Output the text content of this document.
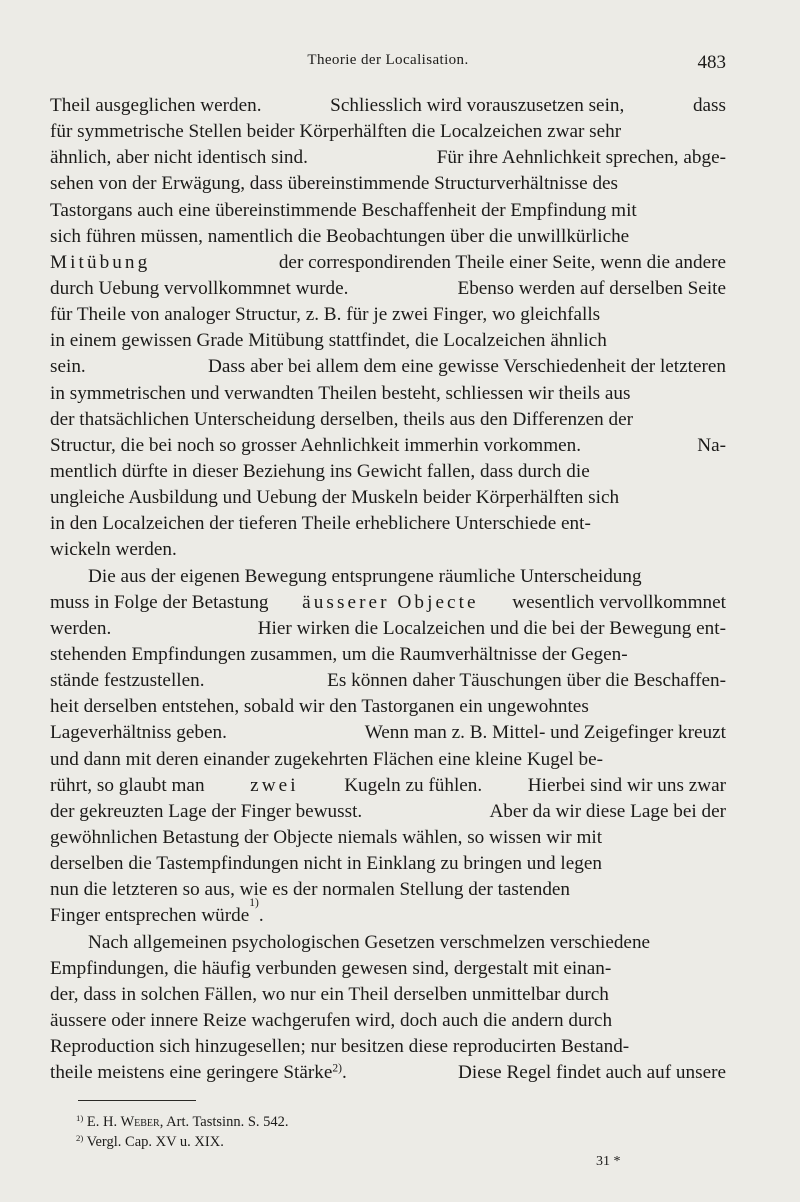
Theorie der Localisation.	483
Theil ausgeglichen werden.	Schliesslich wird vorauszusetzen sein,	dass
für symmetrische Stellen beider Körperhälften die Localzeichen zwar sehr
ähnlich, aber nicht identisch sind.	Für ihre Aehnlichkeit sprechen, abge-
sehen von der Erwägung, dass übereinstimmende Structurverhältnisse des
Tastorgans auch eine übereinstimmende Beschaffenheit der Empfindung mit
sich führen müssen, namentlich die Beobachtungen über die unwillkürliche
Mitübung	der correspondirenden Theile einer Seite, wenn die andere
durch Uebung vervollkommnet wurde.	Ebenso werden auf derselben Seite
für Theile von analoger Structur, z. B. für je zwei Finger, wo gleichfalls
in einem gewissen Grade Mitübung stattfindet, die Localzeichen ähnlich
sein.	Dass aber bei allem dem eine gewisse Verschiedenheit der letzteren
in symmetrischen und verwandten Theilen besteht, schliessen wir theils aus
der thatsächlichen Unterscheidung derselben, theils aus den Differenzen der
Structur, die bei noch so grosser Aehnlichkeit immerhin vorkommen.	Na-
mentlich dürfte in dieser Beziehung ins Gewicht fallen, dass durch die
ungleiche Ausbildung und Uebung der Muskeln beider Körperhälften sich
in den Localzeichen der tieferen Theile erheblichere Unterschiede ent-
wickeln werden.
Die aus der eigenen Bewegung entsprungene räumliche Unterscheidung
muss in Folge der Betastung äusserer Objecte wesentlich vervollkommnet
werden.	Hier wirken die Localzeichen und die bei der Bewegung ent-
stehenden Empfindungen zusammen, um die Raumverhältnisse der Gegen-
stände festzustellen.	Es können daher Täuschungen über die Beschaffen-
heit derselben entstehen, sobald wir den Tastorganen ein ungewohntes
Lageverhältniss geben.	Wenn man z. B. Mittel- und Zeigefinger kreuzt
und dann mit deren einander zugekehrten Flächen eine kleine Kugel be-
rührt, so glaubt man zwei Kugeln zu fühlen. Hierbei sind wir uns zwar
der gekreuzten Lage der Finger bewusst.	Aber da wir diese Lage bei der
gewöhnlichen Betastung der Objecte niemals wählen, so wissen wir mit
derselben die Tastempfindungen nicht in Einklang zu bringen und legen
nun die letzteren so aus, wie es der normalen Stellung der tastenden
Finger entsprechen würde
1)
.
Nach allgemeinen psychologischen Gesetzen verschmelzen verschiedene
Empfindungen, die häufig verbunden gewesen sind, dergestalt mit einan-
der, dass in solchen Fällen, wo nur ein Theil derselben unmittelbar durch
äussere oder innere Reize wachgerufen wird, doch auch die andern durch
Reproduction sich hinzugesellen; nur besitzen diese reproducirten Bestand-
theile meistens eine geringere Stärke$^{2)}$.	Diese Regel findet auch auf unsere
$^{1)}$ E. H. Weber, Art. Tastsinn. S. 542.
$^{2)}$ Vergl. Cap. XV u. XIX.
31 *
